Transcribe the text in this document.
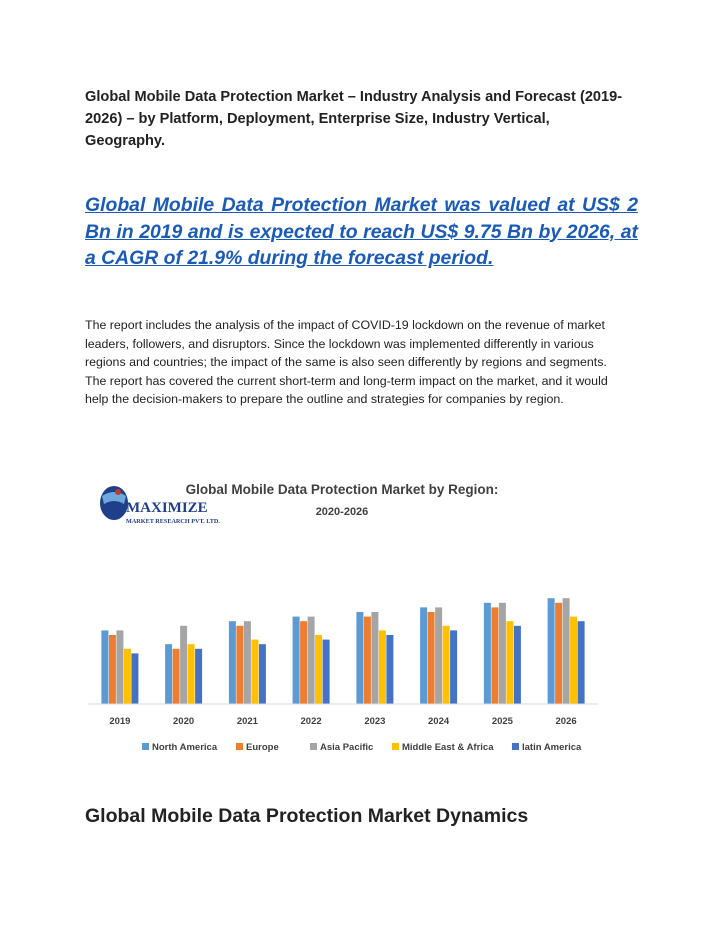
Global Mobile Data Protection Market – Industry Analysis and Forecast (2019-2026) – by Platform, Deployment, Enterprise Size, Industry Vertical, Geography.
Global Mobile Data Protection Market was valued at US$ 2 Bn in 2019 and is expected to reach US$ 9.75 Bn by 2026, at a CAGR of 21.9% during the forecast period.
The report includes the analysis of the impact of COVID-19 lockdown on the revenue of market leaders, followers, and disruptors. Since the lockdown was implemented differently in various regions and countries; the impact of the same is also seen differently by regions and segments. The report has covered the current short-term and long-term impact on the market, and it would help the decision-makers to prepare the outline and strategies for companies by region.
MAXIMIZE
MARKET RESEARCH PVT. LTD.
Global Mobile Data Protection Market by Region:
2020-2026
2019	2020	2021	2022	2023	2024	2025	2026
North America	Europe	Asia Pacific	Middle East & Africa	latin America
Global Mobile Data Protection Market Dynamics
